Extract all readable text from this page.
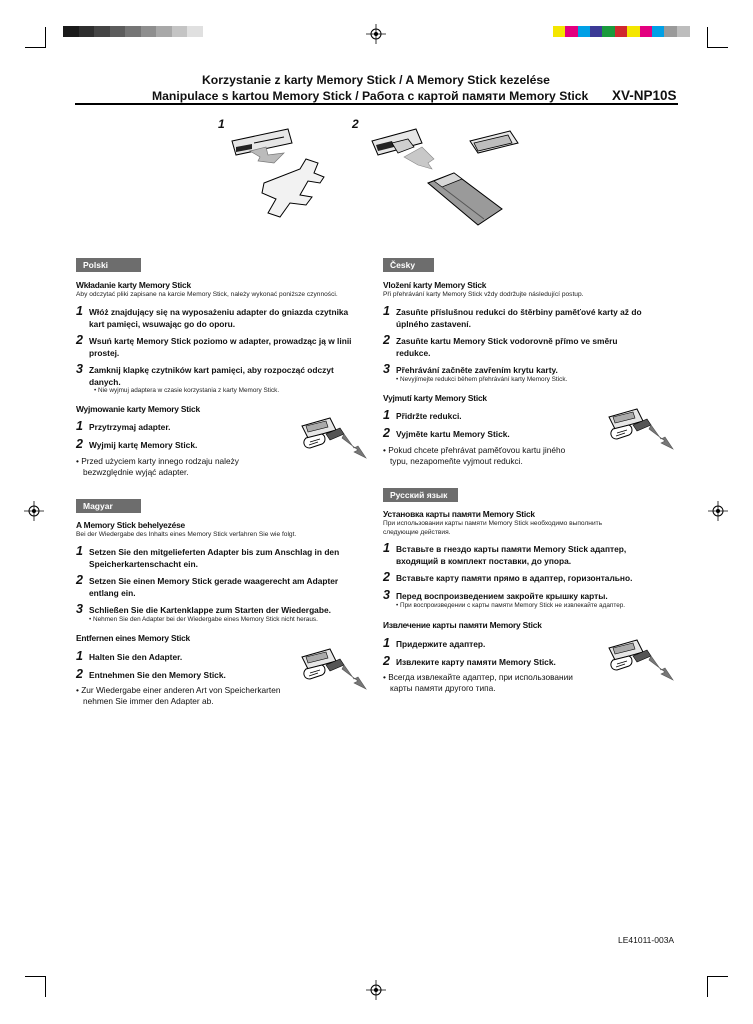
Korzystanie z karty Memory Stick / A Memory Stick kezelése
Manipulace s kartou Memory Stick / Работа с картой памяти Memory Stick XV-NP10S
1	2
Polski
Wkładanie karty Memory Stick
Aby odczytać pliki zapisane na karcie Memory Stick, należy wykonać poniższe czynności.
1 Włóż znajdujący się na wyposażeniu adapter do gniazda czytnika
kart pamięci, wsuwając go do oporu.
2 Wsuń kartę Memory Stick poziomo w adapter, prowadząc ją w linii
prostej.
3 Zamknij klapkę czytników kart pamięci, aby rozpocząć odczyt
danych.
• Nie wyjmuj adaptera w czasie korzystania z karty Memory Stick.
Wyjmowanie karty Memory Stick
1 Przytrzymaj adapter.
2 Wyjmij kartę Memory Stick.
• Przed użyciem karty innego rodzaju należy
bezwzględnie wyjąć adapter.
Česky
Vložení karty Memory Stick
Při přehrávání karty Memory Stick vždy dodržujte následující postup.
1 Zasuňte příslušnou redukci do štěrbiny paměťové karty až do
úplného zastavení.
2 Zasuňte kartu Memory Stick vodorovně přímo ve směru
redukce.
3 Přehrávání začněte zavřením krytu karty.
• Nevyjímejte redukci během přehrávání karty Memory Stick.
Vyjmutí karty Memory Stick
1 Přidržte redukci.
2 Vyjměte kartu Memory Stick.
• Pokud chcete přehrávat paměťovou kartu jiného
typu, nezapomeňte vyjmout redukci.
Magyar
A Memory Stick behelyezése
Bei der Wiedergabe des Inhalts eines Memory Stick verfahren Sie wie folgt.
1 Setzen Sie den mitgelieferten Adapter bis zum Anschlag in den
Speicherkartenschacht ein.
2 Setzen Sie einen Memory Stick gerade waagerecht am Adapter
entlang ein.
3 Schließen Sie die Kartenklappe zum Starten der Wiedergabe.
• Nehmen Sie den Adapter bei der Wiedergabe eines Memory Stick nicht heraus.
Entfernen eines Memory Stick
1 Halten Sie den Adapter.
2 Entnehmen Sie den Memory Stick.
• Zur Wiedergabe einer anderen Art von Speicherkarten
nehmen Sie immer den Adapter ab.
Русский язык
Установка карты памяти Memory Stick
При использовании карты памяти Memory Stick необходимо выполнить
следующие действия.
1 Вставьте в гнездо карты памяти Memory Stick адаптер,
входящий в комплект поставки, до упора.
2 Вставьте карту памяти прямо в адаптер, горизонтально.
3 Перед воспроизведением закройте крышку карты.
• При воспроизведении с карты памяти Memory Stick не извлекайте адаптер.
Извлечение карты памяти Memory Stick
1 Придержите адаптер.
2 Извлеките карту памяти Memory Stick.
• Всегда извлекайте адаптер, при использовании
карты памяти другого типа.
LE41011-003A
